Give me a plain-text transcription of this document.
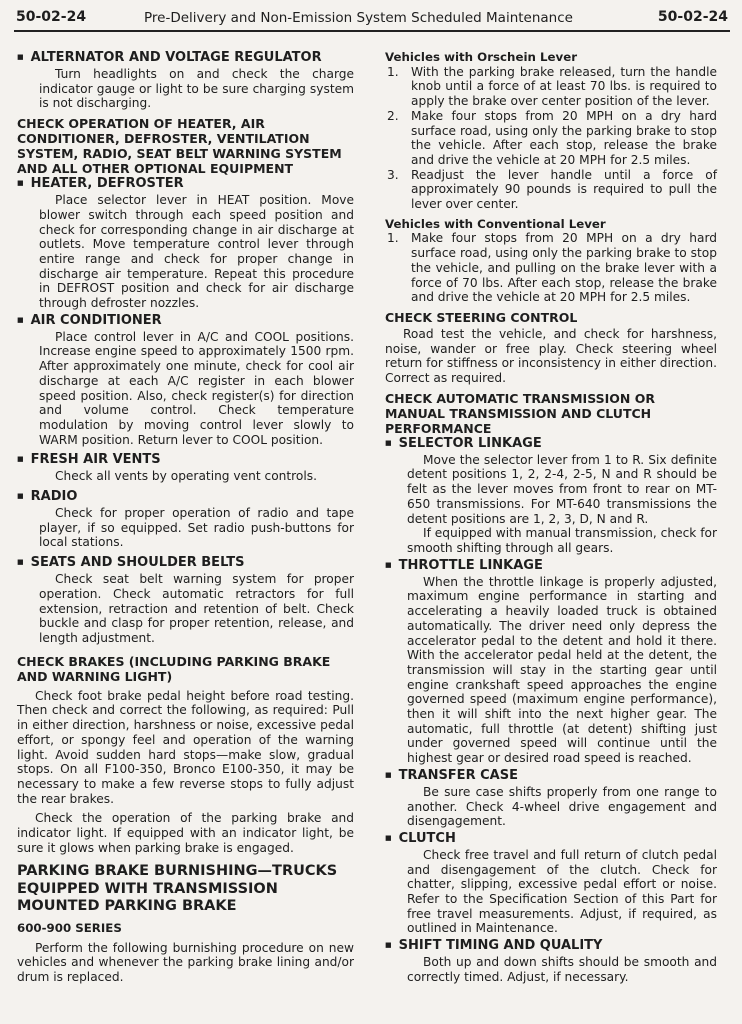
50-02-24	Pre-Delivery and Non-Emission System Scheduled Maintenance	50-02-24

■ ALTERNATOR AND VOLTAGE REGULATOR

Turn headlights on and check the charge indicator gauge or light to be sure charging system is not discharging.

CHECK OPERATION OF HEATER, AIR CONDITIONER, DEFROSTER, VENTILATION SYSTEM, RADIO, SEAT BELT WARNING SYSTEM AND ALL OTHER OPTIONAL EQUIPMENT

■ HEATER, DEFROSTER

Place selector lever in HEAT position. Move blower switch through each speed position and check for corresponding change in air discharge at outlets. Move temperature control lever through entire range and check for proper change in discharge air temperature. Repeat this procedure in DEFROST position and check for air discharge through defroster nozzles.

■ AIR CONDITIONER

Place control lever in A/C and COOL positions. Increase engine speed to approximately 1500 rpm. After approximately one minute, check for cool air discharge at each A/C register in each blower speed position. Also, check register(s) for direction and volume control. Check temperature modulation by moving control lever slowly to WARM position. Return lever to COOL position.

■ FRESH AIR VENTS

Check all vents by operating vent controls.

■ RADIO

Check for proper operation of radio and tape player, if so equipped. Set radio push-buttons for local stations.

■ SEATS AND SHOULDER BELTS

Check seat belt warning system for proper operation. Check automatic retractors for full extension, retraction and retention of belt. Check buckle and clasp for proper retention, release, and length adjustment.

CHECK BRAKES (INCLUDING PARKING BRAKE AND WARNING LIGHT)

Check foot brake pedal height before road testing. Then check and correct the following, as required: Pull in either direction, harshness or noise, excessive pedal effort, or spongy feel and operation of the warning light. Avoid sudden hard stops—make slow, gradual stops. On all F100-350, Bronco E100-350, it may be necessary to make a few reverse stops to fully adjust the rear brakes.

Check the operation of the parking brake and indicator light. If equipped with an indicator light, be sure it glows when parking brake is engaged.

PARKING BRAKE BURNISHING—TRUCKS EQUIPPED WITH TRANSMISSION MOUNTED PARKING BRAKE

600-900 SERIES

Perform the following burnishing procedure on new vehicles and whenever the parking brake lining and/or drum is replaced.

Vehicles with Orschein Lever

1. With the parking brake released, turn the handle knob until a force of at least 70 lbs. is required to apply the brake over center position of the lever.
2. Make four stops from 20 MPH on a dry hard surface road, using only the parking brake to stop the vehicle. After each stop, release the brake and drive the vehicle at 20 MPH for 2.5 miles.
3. Readjust the lever handle until a force of approximately 90 pounds is required to pull the lever over center.

Vehicles with Conventional Lever

1. Make four stops from 20 MPH on a dry hard surface road, using only the parking brake to stop the vehicle, and pulling on the brake lever with a force of 70 lbs. After each stop, release the brake and drive the vehicle at 20 MPH for 2.5 miles.

CHECK STEERING CONTROL

Road test the vehicle, and check for harshness, noise, wander or free play. Check steering wheel return for stiffness or inconsistency in either direction. Correct as required.

CHECK AUTOMATIC TRANSMISSION OR MANUAL TRANSMISSION AND CLUTCH PERFORMANCE

■ SELECTOR LINKAGE

Move the selector lever from 1 to R. Six definite detent positions 1, 2, 2-4, 2-5, N and R should be felt as the lever moves from front to rear on MT-650 transmissions. For MT-640 transmissions the detent positions are 1, 2, 3, D, N and R.

If equipped with manual transmission, check for smooth shifting through all gears.

■ THROTTLE LINKAGE

When the throttle linkage is properly adjusted, maximum engine performance in starting and accelerating a heavily loaded truck is obtained automatically. The driver need only depress the accelerator pedal to the detent and hold it there. With the accelerator pedal held at the detent, the transmission will stay in the starting gear until engine crankshaft speed approaches the engine governed speed (maximum engine performance), then it will shift into the next higher gear. The automatic, full throttle (at detent) shifting just under governed speed will continue until the highest gear or desired road speed is reached.

■ TRANSFER CASE

Be sure case shifts properly from one range to another. Check 4-wheel drive engagement and disengagement.

■ CLUTCH

Check free travel and full return of clutch pedal and disengagement of the clutch. Check for chatter, slipping, excessive pedal effort or noise. Refer to the Specification Section of this Part for free travel measurements. Adjust, if required, as outlined in Maintenance.

■ SHIFT TIMING AND QUALITY

Both up and down shifts should be smooth and correctly timed. Adjust, if necessary.
